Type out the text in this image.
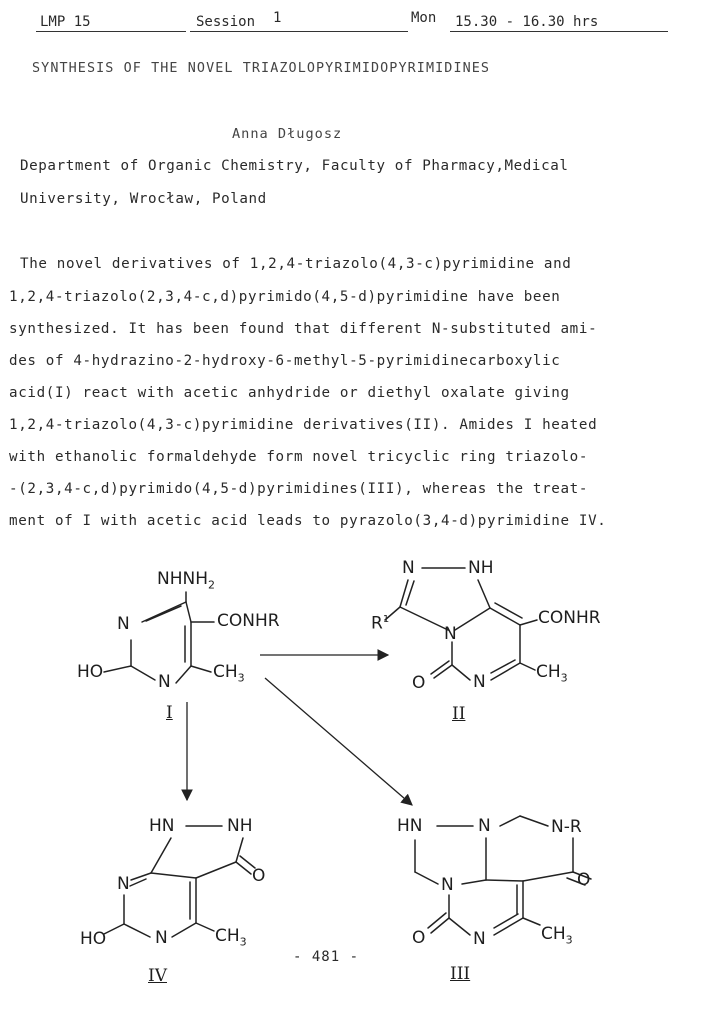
LMP 15	Session 1	Mon 15.30 - 16.30 hrs
SYNTHESIS OF THE NOVEL TRIAZOLOPYRIMIDOPYRIMIDINES
Anna Długosz
Department of Organic Chemistry, Faculty of Pharmacy,Medical
University, Wrocław, Poland
The novel derivatives of 1,2,4-triazolo(4,3-c)pyrimidine and
1,2,4-triazolo(2,3,4-c,d)pyrimido(4,5-d)pyrimidine have been
synthesized. It has been found that different N-substituted ami-
des of 4-hydrazino-2-hydroxy-6-methyl-5-pyrimidinecarboxylic
acid(I) react with acetic anhydride or diethyl oxalate giving
1,2,4-triazolo(4,3-c)pyrimidine derivatives(II). Amides I heated
with ethanolic formaldehyde form novel tricyclic ring triazolo-
-(2,3,4-c,d)pyrimido(4,5-d)pyrimidines(III), whereas the treat-
ment of I with acetic acid leads to pyrazolo(3,4-d)pyrimidine IV.
$NHNH_2$
N
N
HO
CONHR
$CH_3$
I
N	NH
$R^1$
N
CONHR
O	N	$CH_3$
II
HN	NH
O
N
HO	N	$CH_3$
IV
HN	N	N-R
N	O
O	N	$CH_3$
III
- 481 -
